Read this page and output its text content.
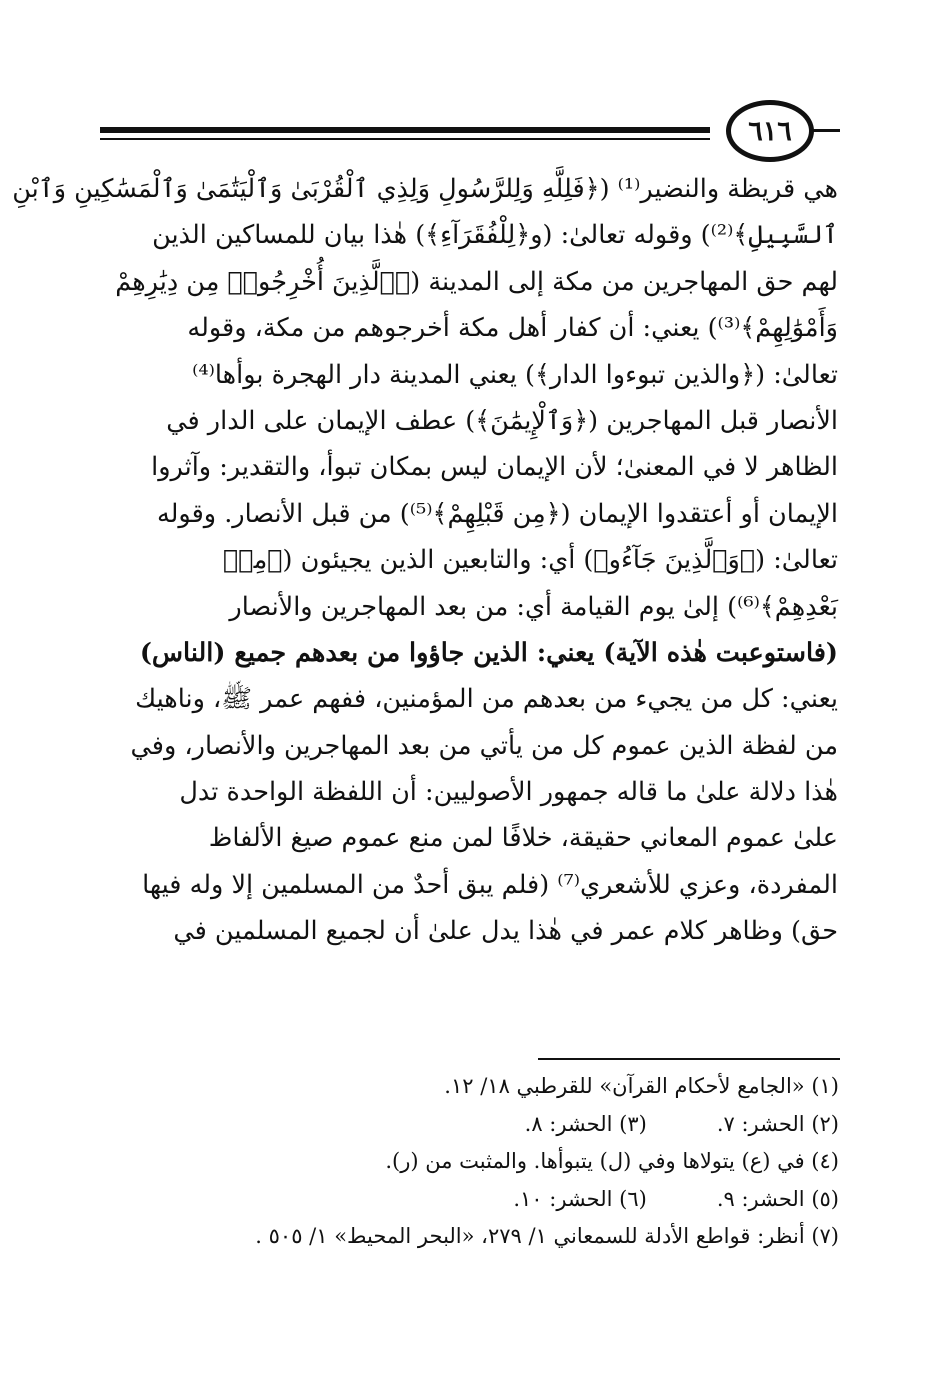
٦١٦
هي قريظة والنضير⁽¹⁾ (﴿فَلِلَّهِ وَلِلرَّسُولِ وَلِذِي ٱلْقُرْبَىٰ وَٱلْيَتَٰمَىٰ وَٱلْمَسَٰكِينِ وَٱبْنِ
ٱلسَّبِيلِ﴾⁽²⁾) وقوله تعالىٰ: (و﴿لِلْفُقَرَآءِ﴾) هٰذا بيان للمساكين الذين
لهم حق المهاجرين من مكة إلى المدينة (﴿ٱلَّذِينَ أُخْرِجُوا۟ مِن دِيَٰرِهِمْ
وَأَمْوَٰلِهِمْ﴾⁽³⁾) يعني: أن كفار أهل مكة أخرجوهم من مكة، وقوله
تعالىٰ: (﴿والذين تبوءوا الدار﴾) يعني المدينة دار الهجرة بوأها⁽⁴⁾
الأنصار قبل المهاجرين (﴿وَٱلْإِيمَٰنَ﴾) عطف الإيمان على الدار في
الظاهر لا في المعنىٰ؛ لأن الإيمان ليس بمكان تبوأ، والتقدير: وآثروا
الإيمان أو أعتقدوا الإيمان (﴿مِن قَبْلِهِمْ﴾⁽⁵⁾) من قبل الأنصار. وقوله
تعالىٰ: (﴿وَٱلَّذِينَ جَآءُو﴾) أي: والتابعين الذين يجيئون (﴿مِنۢ
بَعْدِهِمْ﴾⁽⁶⁾) إلىٰ يوم القيامة أي: من بعد المهاجرين والأنصار
(فاستوعبت هٰذه الآية) يعني: الذين جاؤوا من بعدهم جميع (الناس)
يعني: كل من يجيء من بعدهم من المؤمنين، ففهم عمر ﷺ، وناهيك
من لفظة الذين عموم كل من يأتي من بعد المهاجرين والأنصار، وفي
هٰذا دلالة علىٰ ما قاله جمهور الأصوليين: أن اللفظة الواحدة تدل
علىٰ عموم المعاني حقيقة، خلافًا لمن منع عموم صيغ الألفاظ
المفردة، وعزي للأشعري⁽⁷⁾ (فلم يبق أحدٌ من المسلمين إلا وله فيها
حق) وظاهر كلام عمر في هٰذا يدل علىٰ أن لجميع المسلمين في
(١) «الجامع لأحكام القرآن» للقرطبي ١٨/ ١٢.
(٢) الحشر: ٧.
(٣) الحشر: ٨.
(٤) في (ع) يتولاها وفي (ل) يتبوأها. والمثبت من (ر).
(٥) الحشر: ٩.
(٦) الحشر: ١٠.
(٧) أنظر: قواطع الأدلة للسمعاني ١/ ٢٧٩، «البحر المحيط» ١/ ٥٠٥ .
